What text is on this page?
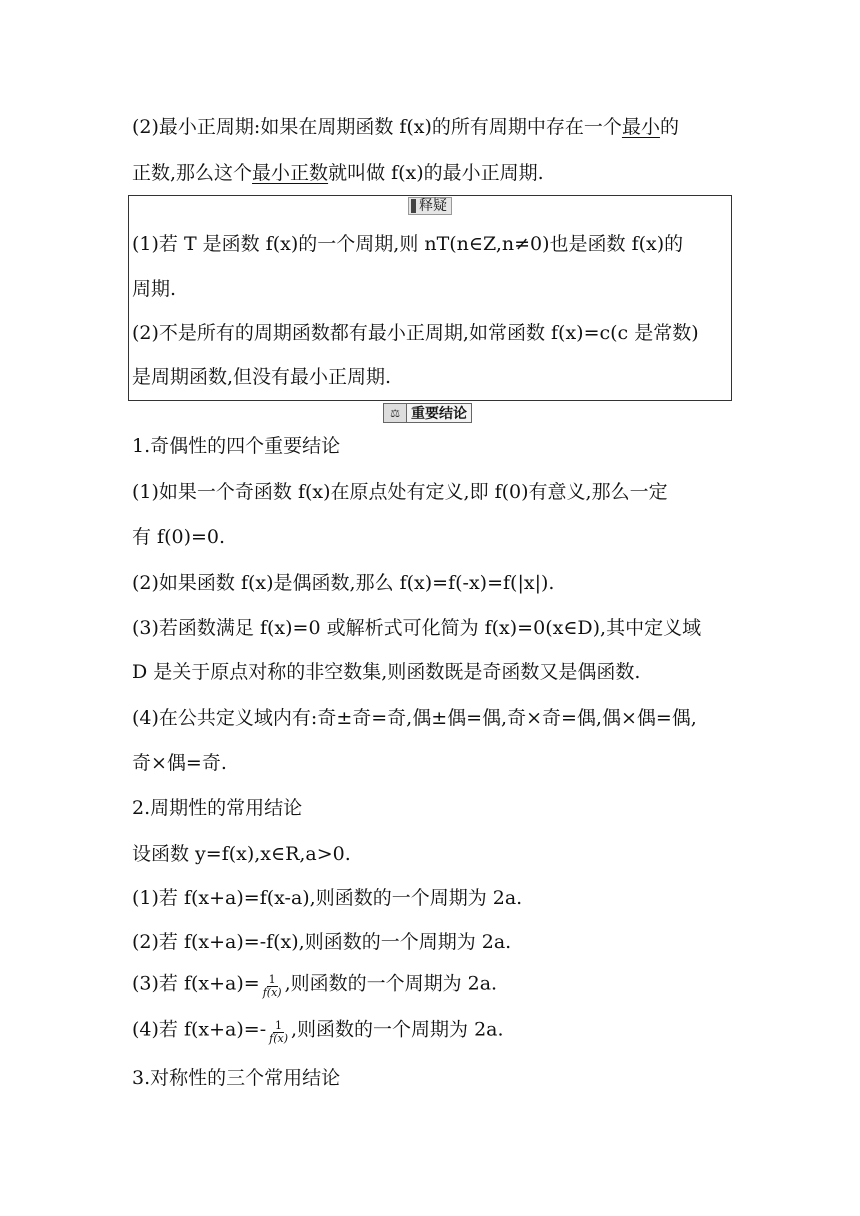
(2)最小正周期:如果在周期函数 f(x)的所有周期中存在一个最小的
正数,那么这个最小正数就叫做 f(x)的最小正周期.
释疑
(1)若 T 是函数 f(x)的一个周期,则 nT(n∈Z,n≠0)也是函数 f(x)的
周期.
(2)不是所有的周期函数都有最小正周期,如常函数 f(x)=c(c 是常数)
是周期函数,但没有最小正周期.
⚖ 重要结论
1.奇偶性的四个重要结论
(1)如果一个奇函数 f(x)在原点处有定义,即 f(0)有意义,那么一定
有 f(0)=0.
(2)如果函数 f(x)是偶函数,那么 f(x)=f(-x)=f(|x|).
(3)若函数满足 f(x)=0 或解析式可化简为 f(x)=0(x∈D),其中定义域
D 是关于原点对称的非空数集,则函数既是奇函数又是偶函数.
(4)在公共定义域内有:奇±奇=奇,偶±偶=偶,奇×奇=偶,偶×偶=偶,
奇×偶=奇.
2.周期性的常用结论
设函数 y=f(x),x∈R,a>0.
(1)若 f(x+a)=f(x-a),则函数的一个周期为 2a.
(2)若 f(x+a)=-f(x),则函数的一个周期为 2a.
(3)若 $f(x+a)= \frac{1}{f(x)}$ ,则函数的一个周期为 2a.
(4)若 $f(x+a)=- \frac{1}{f(x)}$ ,则函数的一个周期为 2a.
3.对称性的三个常用结论
